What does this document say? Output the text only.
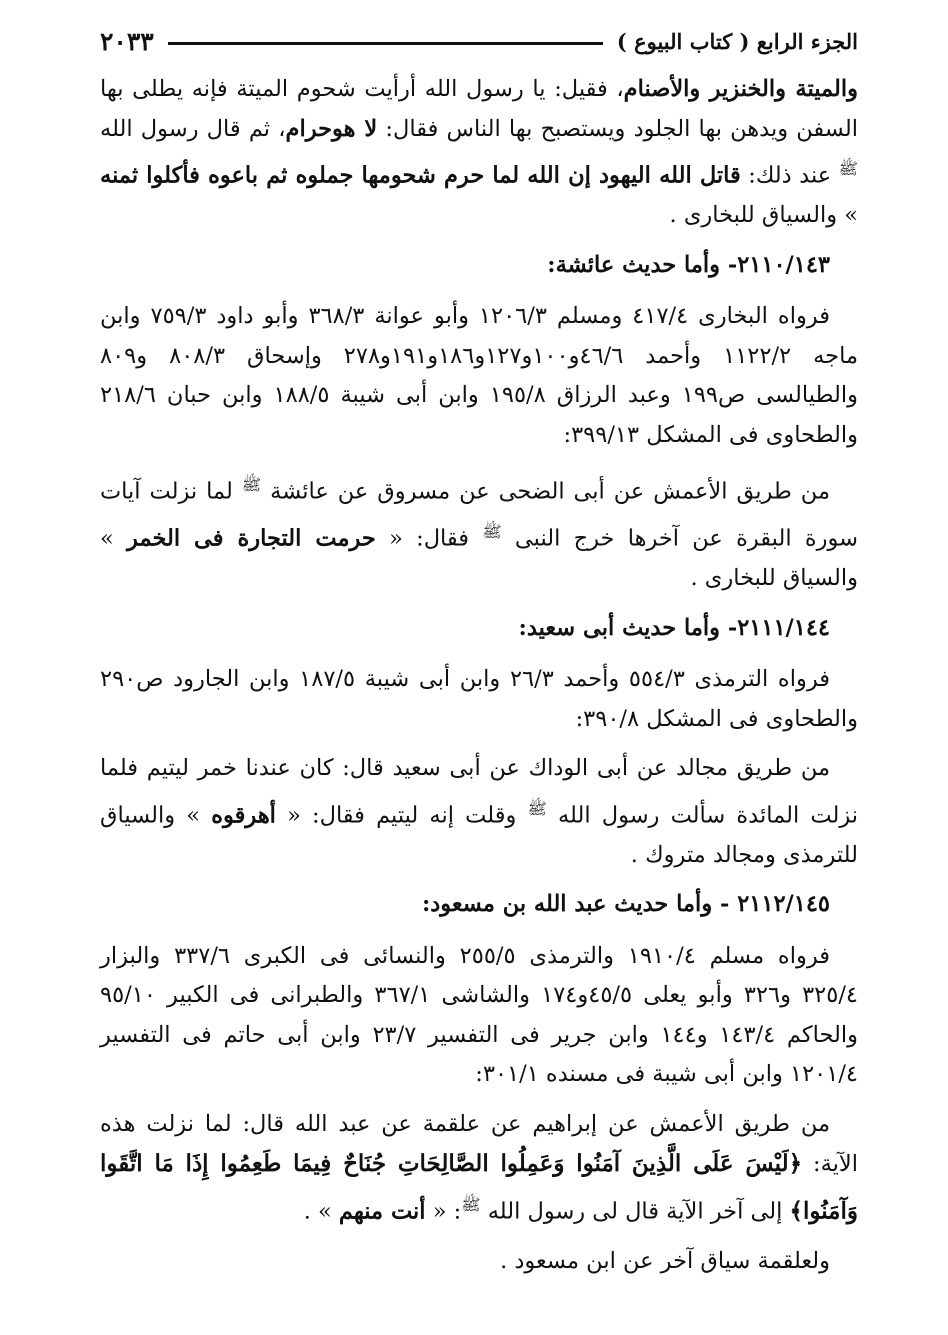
الجزء الرابع ( كتاب البيوع )
٢٠٣٣

والميتة والخنزير والأصنام، فقيل: يا رسول الله أرأيت شحوم الميتة فإنه يطلى بها السفن ويدهن بها الجلود ويستصبح بها الناس فقال: لا هوحرام، ثم قال رسول الله $^ﷺ$ عند ذلك: قاتل الله اليهود إن الله لما حرم شحومها جملوه ثم باعوه فأكلوا ثمنه » والسياق للبخارى .

٢١١٠/١٤٣- وأما حديث عائشة:

فرواه البخارى ٤١٧/٤ ومسلم ١٢٠٦/٣ وأبو عوانة ٣٦٨/٣ وأبو داود ٧٥٩/٣ وابن ماجه ١١٢٢/٢ وأحمد ٤٦/٦و١٠٠و١٢٧و١٨٦و١٩١و٢٧٨ وإسحاق ٨٠٨/٣ و٨٠٩ والطيالسى ص١٩٩ وعبد الرزاق ١٩٥/٨ وابن أبى شيبة ١٨٨/٥ وابن حبان ٢١٨/٦ والطحاوى فى المشكل ٣٩٩/١٣:

من طريق الأعمش عن أبى الضحى عن مسروق عن عائشة $^ﷺ$ لما نزلت آيات سورة البقرة عن آخرها خرج النبى $^ﷺ$ فقال: « حرمت التجارة فى الخمر » والسياق للبخارى .

٢١١١/١٤٤- وأما حديث أبى سعيد:

فرواه الترمذى ٥٥٤/٣ وأحمد ٢٦/٣ وابن أبى شيبة ١٨٧/٥ وابن الجارود ص٢٩٠ والطحاوى فى المشكل ٣٩٠/٨:

من طريق مجالد عن أبى الوداك عن أبى سعيد قال: كان عندنا خمر ليتيم فلما نزلت المائدة سألت رسول الله $^ﷺ$ وقلت إنه ليتيم فقال: « أهرقوه » والسياق للترمذى ومجالد متروك .

٢١١٢/١٤٥ - وأما حديث عبد الله بن مسعود:

فرواه مسلم ١٩١٠/٤ والترمذى ٢٥٥/٥ والنسائى فى الكبرى ٣٣٧/٦ والبزار ٣٢٥/٤ و٣٢٦ وأبو يعلى ٤٥/٥و١٧٤ والشاشى ٣٦٧/١ والطبرانى فى الكبير ٩٥/١٠ والحاكم ١٤٣/٤ و١٤٤ وابن جرير فى التفسير ٢٣/٧ وابن أبى حاتم فى التفسير ١٢٠١/٤ وابن أبى شيبة فى مسنده ٣٠١/١:

من طريق الأعمش عن إبراهيم عن علقمة عن عبد الله قال: لما نزلت هذه الآية: ﴿لَيْسَ عَلَى الَّذِينَ آمَنُوا وَعَمِلُوا الصَّالِحَاتِ جُنَاحٌ فِيمَا طَعِمُوا إِذَا مَا اتَّقَوا وَآمَنُوا﴾ إلى آخر الآية قال لى رسول الله $^ﷺ$: « أنت منهم » .

ولعلقمة سياق آخر عن ابن مسعود .
